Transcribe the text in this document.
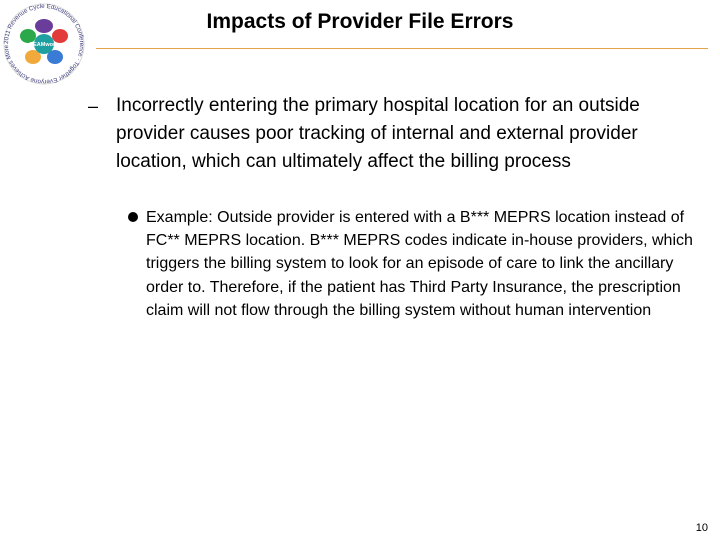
2011 Revenue Cycle Educational Conference · Together Everyone Achieves More	TEAMwork
Impacts of Provider File Errors
– Incorrectly entering the primary hospital location for an outside provider causes poor tracking of internal and external provider location, which can ultimately affect the billing process

Example: Outside provider is entered with a B*** MEPRS location instead of FC** MEPRS location. B*** MEPRS codes indicate in-house providers, which triggers the billing system to look for an episode of care to link the ancillary order to. Therefore, if the patient has Third Party Insurance, the prescription claim will not flow through the billing system without human intervention

10
